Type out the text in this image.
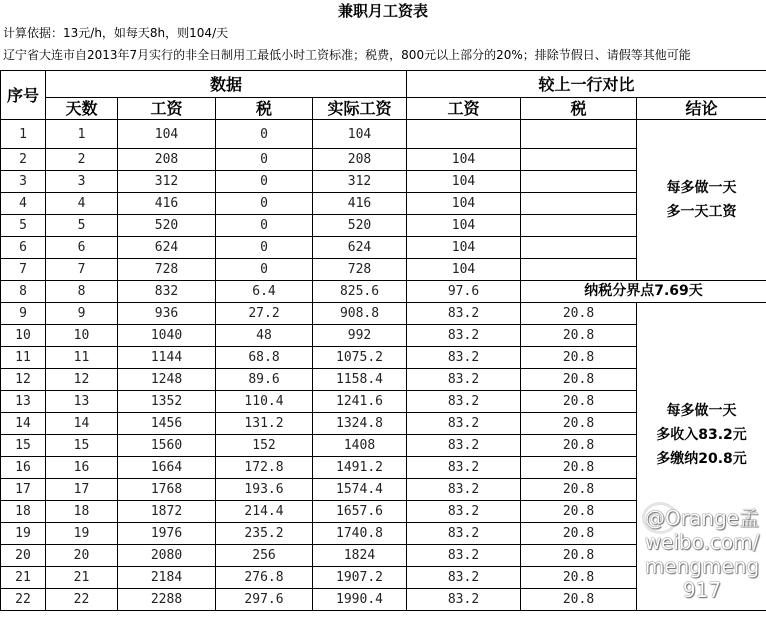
兼职月工资表
计算依据：13元/h，如每天8h，则104/天
辽宁省大连市自2013年7月实行的非全日制用工最低小时工资标准；税费，800元以上部分的20%；排除节假日、请假等其他可能
序号	数据				较上一行对比		
	天数	工资	税	实际工资	工资	税	结论
1	1	104	0	104			每多做一天
多一天工资

2	2	208	0	208	104		
3	3	312	0	312	104		
4	4	416	0	416	104		
5	5	520	0	520	104		
6	6	624	0	624	104		
7	7	728	0	728	104		
8	8	832	6.4	825.6	97.6	纳税分界点7.69天	
9	9	936	27.2	908.8	83.2	20.8	每多做一天
多收入83.2元
多缴纳20.8元

10	10	1040	48	992	83.2	20.8	
11	11	1144	68.8	1075.2	83.2	20.8	
12	12	1248	89.6	1158.4	83.2	20.8	
13	13	1352	110.4	1241.6	83.2	20.8	
14	14	1456	131.2	1324.8	83.2	20.8	
15	15	1560	152	1408	83.2	20.8	
16	16	1664	172.8	1491.2	83.2	20.8	
17	17	1768	193.6	1574.4	83.2	20.8	
18	18	1872	214.4	1657.6	83.2	20.8	
19	19	1976	235.2	1740.8	83.2	20.8	
20	20	2080	256	1824	83.2	20.8	
21	21	2184	276.8	1907.2	83.2	20.8	
22	22	2288	297.6	1990.4	83.2	20.8	
@Orange孟
weibo.com/mengmeng917
